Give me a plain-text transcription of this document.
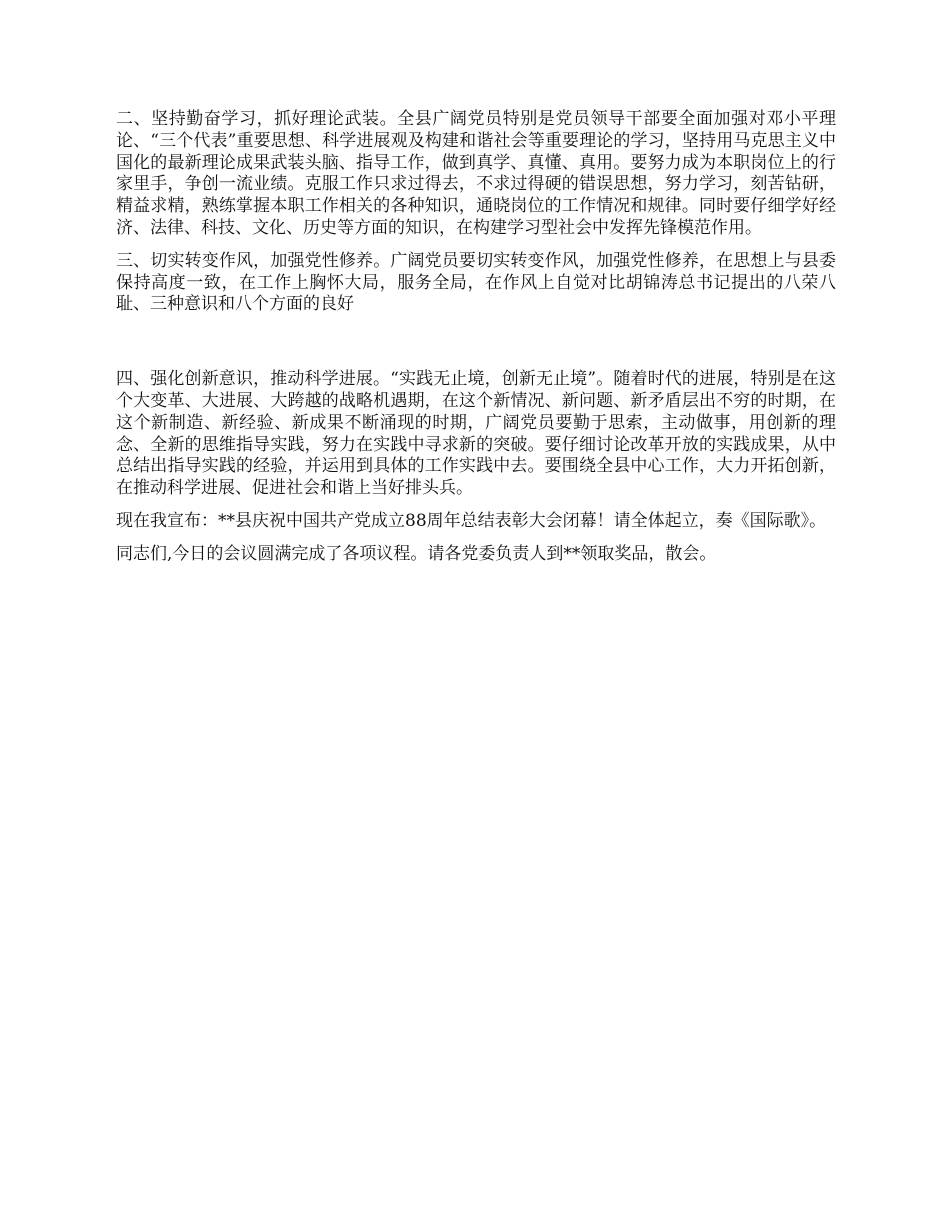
二、坚持勤奋学习，抓好理论武装。全县广阔党员特别是党员领导干部要全面加强对邓小平理论、“三个代表”重要思想、科学进展观及构建和谐社会等重要理论的学习，坚持用马克思主义中国化的最新理论成果武装头脑、指导工作，做到真学、真懂、真用。要努力成为本职岗位上的行家里手，争创一流业绩。克服工作只求过得去，不求过得硬的错误思想，努力学习，刻苦钻研，精益求精，熟练掌握本职工作相关的各种知识，通晓岗位的工作情况和规律。同时要仔细学好经济、法律、科技、文化、历史等方面的知识，在构建学习型社会中发挥先锋模范作用。

三、切实转变作风，加强党性修养。广阔党员要切实转变作风，加强党性修养，在思想上与县委保持高度一致，在工作上胸怀大局，服务全局，在作风上自觉对比胡锦涛总书记提出的八荣八耻、三种意识和八个方面的良好

四、强化创新意识，推动科学进展。“实践无止境，创新无止境”。随着时代的进展，特别是在这个大变革、大进展、大跨越的战略机遇期，在这个新情况、新问题、新矛盾层出不穷的时期，在这个新制造、新经验、新成果不断涌现的时期，广阔党员要勤于思索，主动做事，用创新的理念、全新的思维指导实践，努力在实践中寻求新的突破。要仔细讨论改革开放的实践成果，从中总结出指导实践的经验，并运用到具体的工作实践中去。要围绕全县中心工作，大力开拓创新，在推动科学进展、促进社会和谐上当好排头兵。

现在我宣布：**县庆祝中国共产党成立88周年总结表彰大会闭幕！请全体起立，奏《国际歌》。

同志们,今日的会议圆满完成了各项议程。请各党委负责人到**领取奖品，散会。
